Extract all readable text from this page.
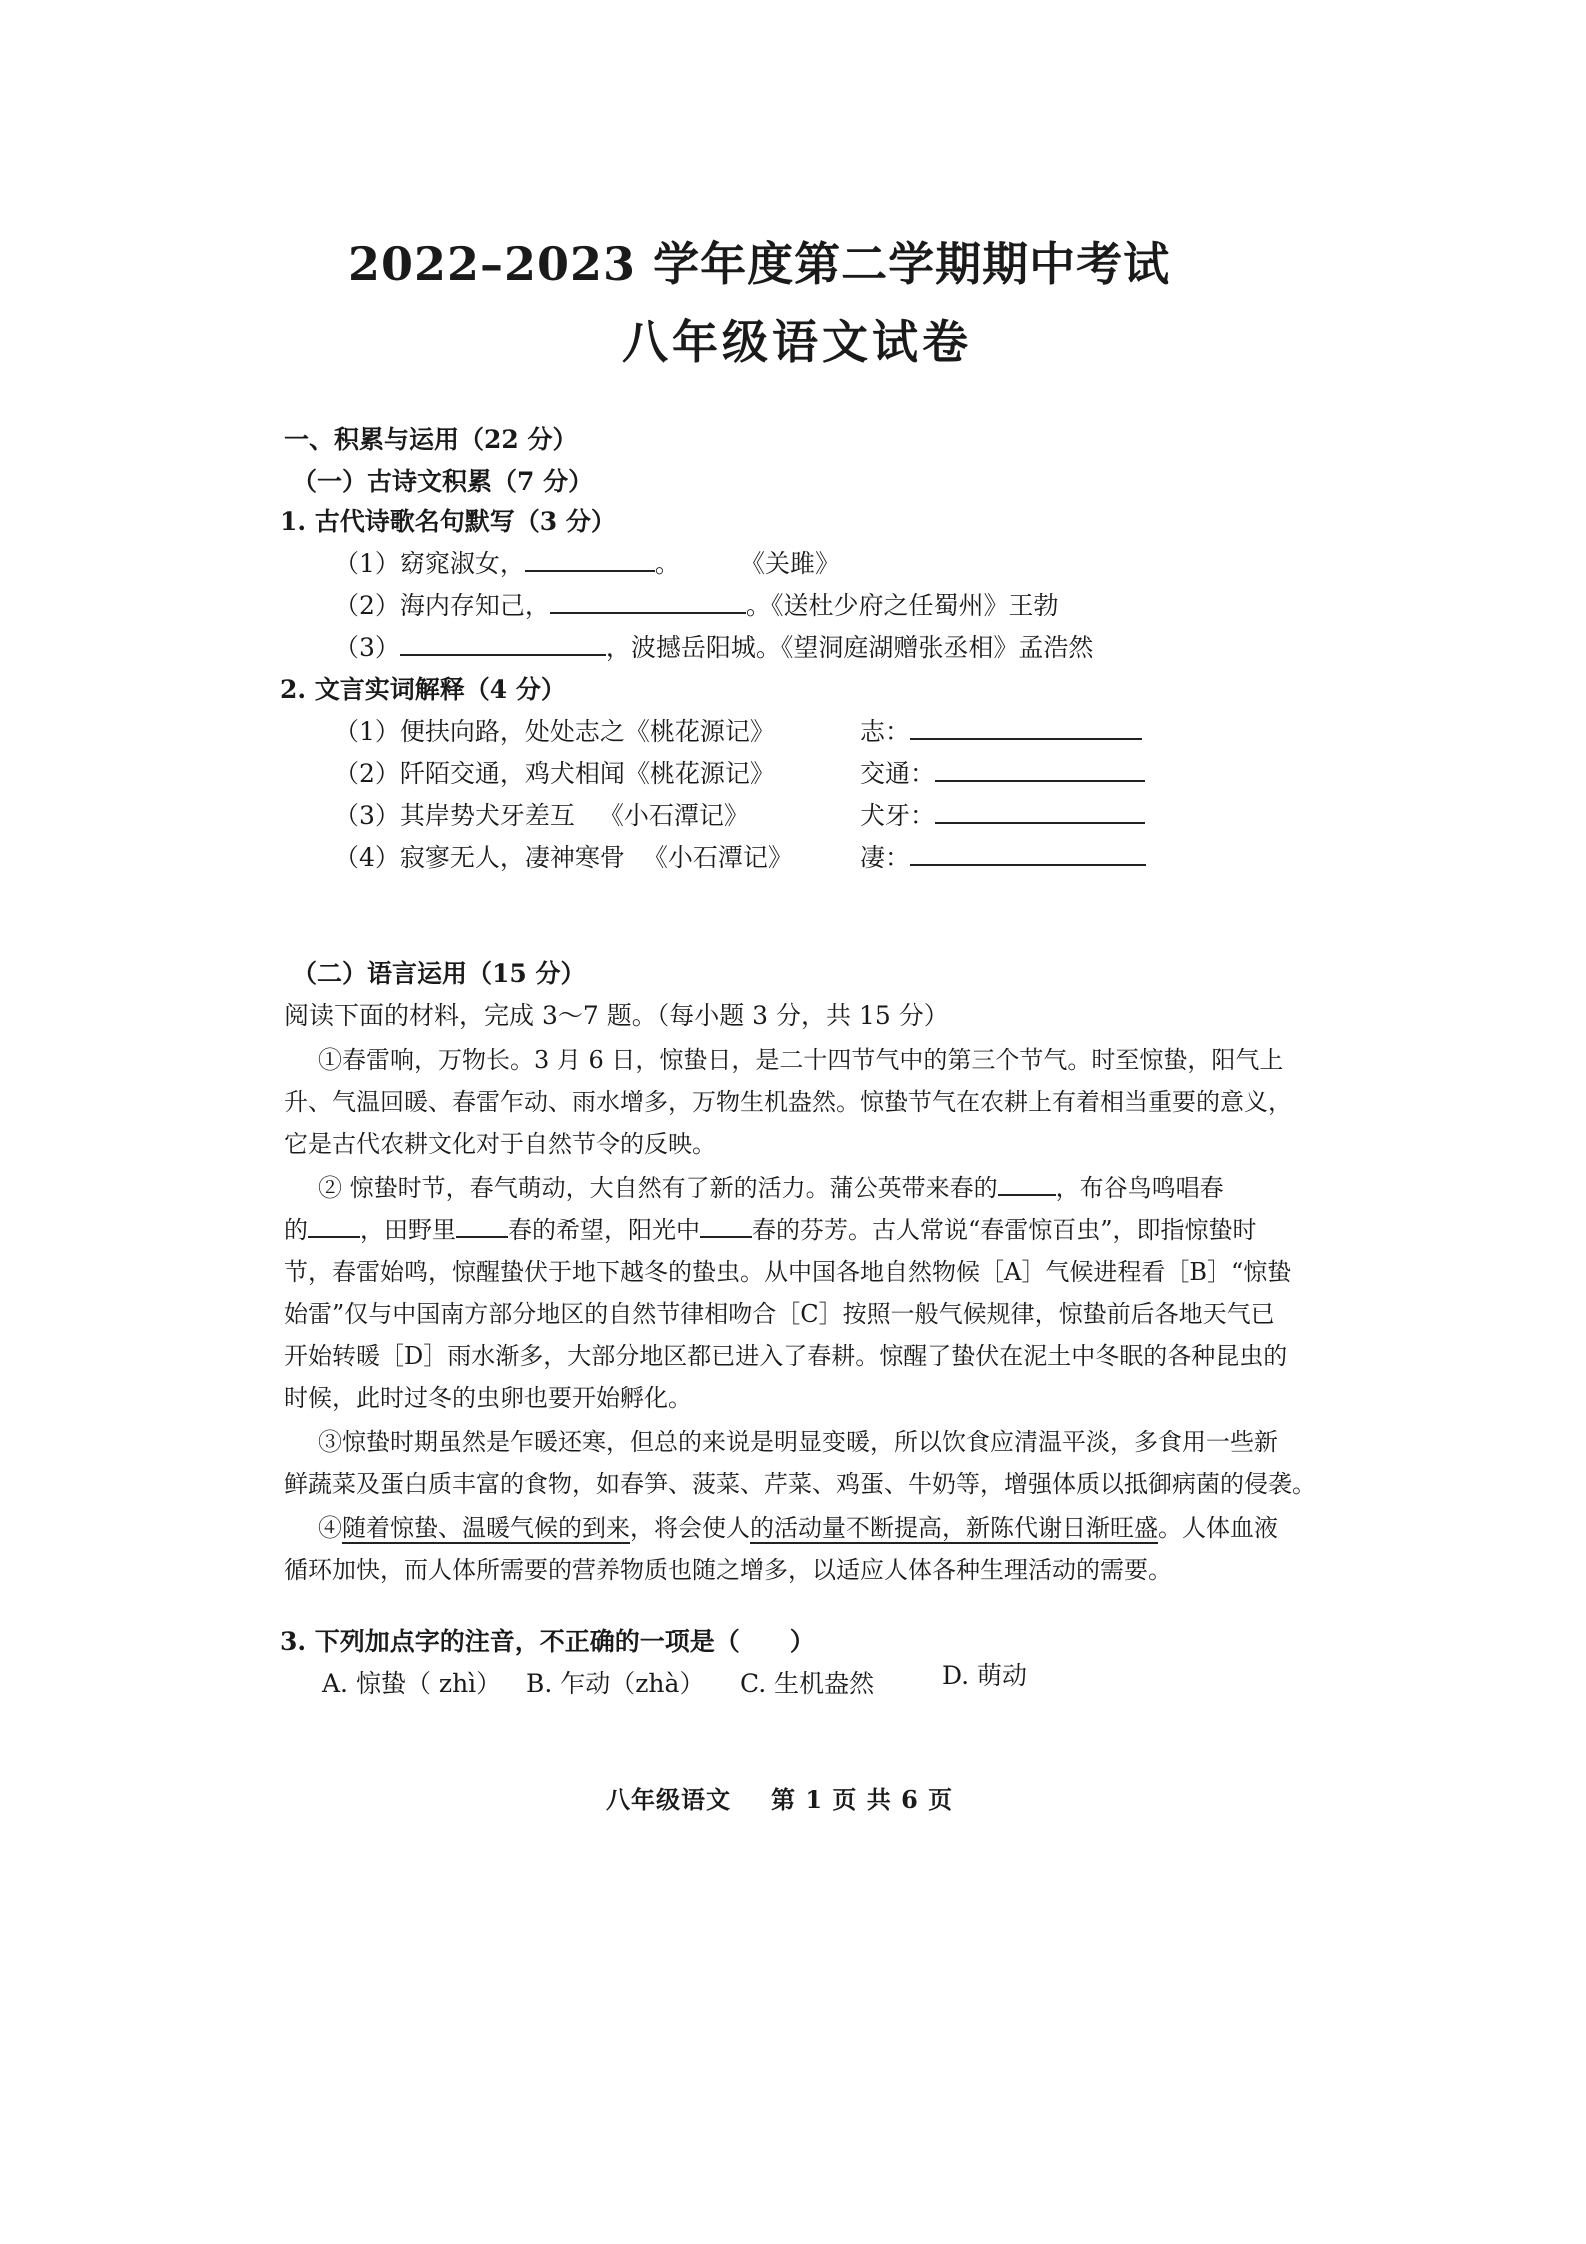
2022–2023 学年度第二学期期中考试
八年级语文试卷
一、积累与运用（22 分）
（一）古诗文积累（7 分）
1. 古代诗歌名句默写（3 分）
（1）窈窕淑女，	。 《关雎》
（2）海内存知己，	。《送杜少府之任蜀州》王勃
（3）	，波撼岳阳城。《望洞庭湖赠张丞相》孟浩然
2. 文言实词解释（4 分）
（1）便扶向路，处处志之《桃花源记》	志：
（2）阡陌交通，鸡犬相闻《桃花源记》	交通：
（3）其岸势犬牙差互 《小石潭记》	犬牙：
（4）寂寥无人，凄神寒骨 《小石潭记》	凄：
（二）语言运用（15 分）
阅读下面的材料，完成 3～7 题。（每小题 3 分，共 15 分）
①春雷响，万物长。3 月 6 日，惊蛰日，是二十四节气中的第三个节气。时至惊蛰，阳气上
升、气温回暖、春雷乍动、雨水增多，万物生机盎然。惊蛰节气在农耕上有着相当重要的意义，
它是古代农耕文化对于自然节令的反映。
② 惊蛰时节，春气萌动，大自然有了新的活力。蒲公英带来春的 ，布谷鸟鸣唱春
的 ，田野里 春的希望，阳光中 春的芬芳。古人常说“春雷惊百虫”，即指惊蛰时
节，春雷始鸣，惊醒蛰伏于地下越冬的蛰虫。从中国各地自然物候［A］气候进程看［B］“惊蛰
始雷”仅与中国南方部分地区的自然节律相吻合［C］按照一般气候规律，惊蛰前后各地天气已
开始转暖［D］雨水渐多，大部分地区都已进入了春耕。惊醒了蛰伏在泥土中冬眠的各种昆虫的
时候，此时过冬的虫卵也要开始孵化。
③惊蛰时期虽然是乍暖还寒，但总的来说是明显变暖，所以饮食应清温平淡，多食用一些新
鲜蔬菜及蛋白质丰富的食物，如春笋、菠菜、芹菜、鸡蛋、牛奶等，增强体质以抵御病菌的侵袭。
④随着惊蛰、温暖气候的到来，将会使人的活动量不断提高，新陈代谢日渐旺盛。人体血液
循环加快，而人体所需要的营养物质也随之增多，以适应人体各种生理活动的需要。
3. 下列加点字的注音，不正确的一项是（　　）
A. 惊蛰（ zhì） B. 乍动（zhà） C. 生机盎然	D. 萌动
八年级语文 第 1 页 共 6 页
